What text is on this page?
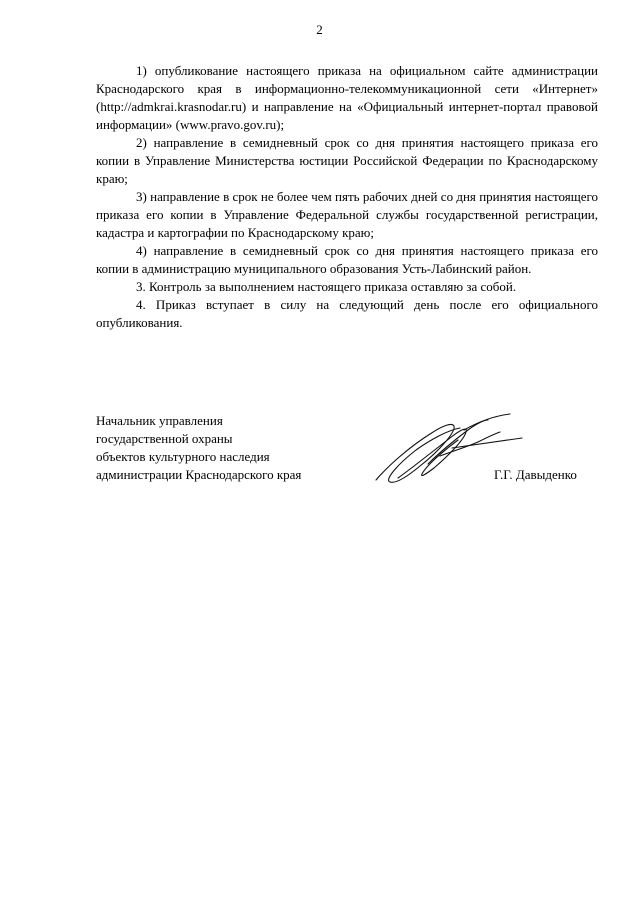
2

1) опубликование настоящего приказа на официальном сайте администрации Краснодарского края в информационно-телекоммуникационной сети «Интернет» (http://admkrai.krasnodar.ru) и направление на «Официальный интернет-портал правовой информации» (www.pravo.gov.ru);

2) направление в семидневный срок со дня принятия настоящего приказа его копии в Управление Министерства юстиции Российской Федерации по Краснодарскому краю;

3) направление в срок не более чем пять рабочих дней со дня принятия настоящего приказа его копии в Управление Федеральной службы государственной регистрации, кадастра и картографии по Краснодарскому краю;

4) направление в семидневный срок со дня принятия настоящего приказа его копии в администрацию муниципального образования Усть-Лабинский район.

3. Контроль за выполнением настоящего приказа оставляю за собой.

4. Приказ вступает в силу на следующий день после его официального опубликования.

Начальник управления
государственной охраны
объектов культурного наследия
администрации Краснодарского края	Г.Г. Давыденко
